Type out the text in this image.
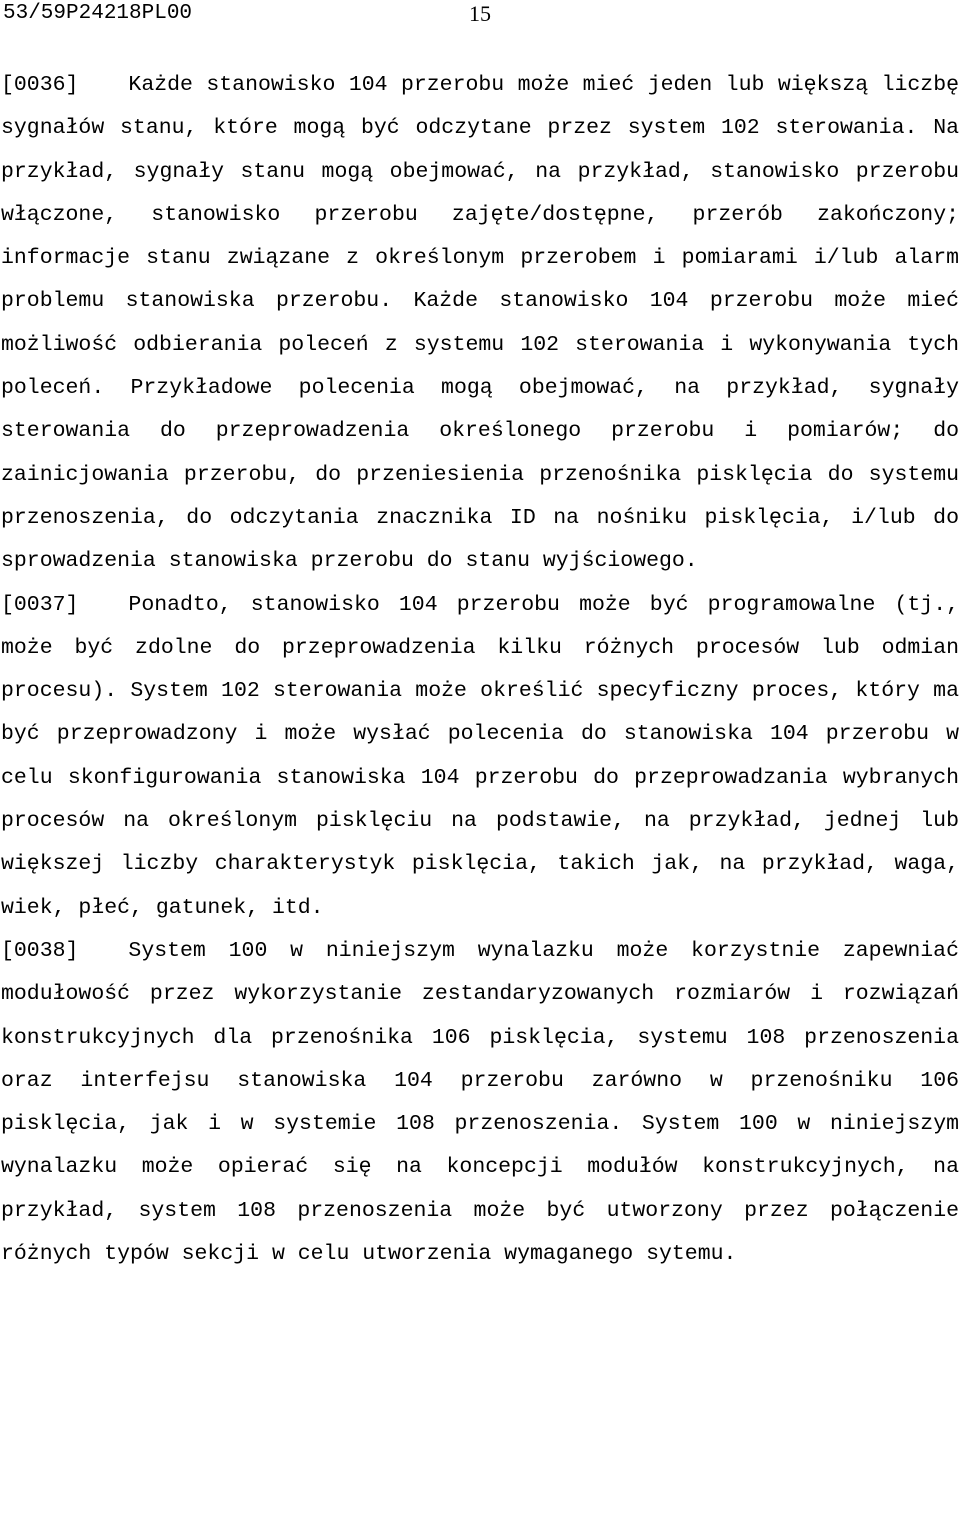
53/59P24218PL00	15

[0036] Każde stanowisko 104 przerobu może mieć jeden lub większą liczbę sygnałów stanu, które mogą być odczytane przez system 102 sterowania. Na przykład, sygnały stanu mogą obejmować, na przykład, stanowisko przerobu włączone, stanowisko przerobu zajęte/dostępne, przerób zakończony; informacje stanu związane z określonym przerobem i pomiarami i/lub alarm problemu stanowiska przerobu. Każde stanowisko 104 przerobu może mieć możliwość odbierania poleceń z systemu 102 sterowania i wykonywania tych poleceń. Przykładowe polecenia mogą obejmować, na przykład, sygnały sterowania do przeprowadzenia określonego przerobu i pomiarów; do zainicjowania przerobu, do przeniesienia przenośnika pisklęcia do systemu przenoszenia, do odczytania znacznika ID na nośniku pisklęcia, i/lub do sprowadzenia stanowiska przerobu do stanu wyjściowego.

[0037] Ponadto, stanowisko 104 przerobu może być programowalne (tj., może być zdolne do przeprowadzenia kilku różnych procesów lub odmian procesu). System 102 sterowania może określić specyficzny proces, który ma być przeprowadzony i może wysłać polecenia do stanowiska 104 przerobu w celu skonfigurowania stanowiska 104 przerobu do przeprowadzania wybranych procesów na określonym pisklęciu na podstawie, na przykład, jednej lub większej liczby charakterystyk pisklęcia, takich jak, na przykład, waga, wiek, płeć, gatunek, itd.

[0038] System 100 w niniejszym wynalazku może korzystnie zapewniać modułowość przez wykorzystanie zestandaryzowanych rozmiarów i rozwiązań konstrukcyjnych dla przenośnika 106 pisklęcia, systemu 108 przenoszenia oraz interfejsu stanowiska 104 przerobu zarówno w przenośniku 106 pisklęcia, jak i w systemie 108 przenoszenia. System 100 w niniejszym wynalazku może opierać się na koncepcji modułów konstrukcyjnych, na przykład, system 108 przenoszenia może być utworzony przez połączenie różnych typów sekcji w celu utworzenia wymaganego sytemu.
